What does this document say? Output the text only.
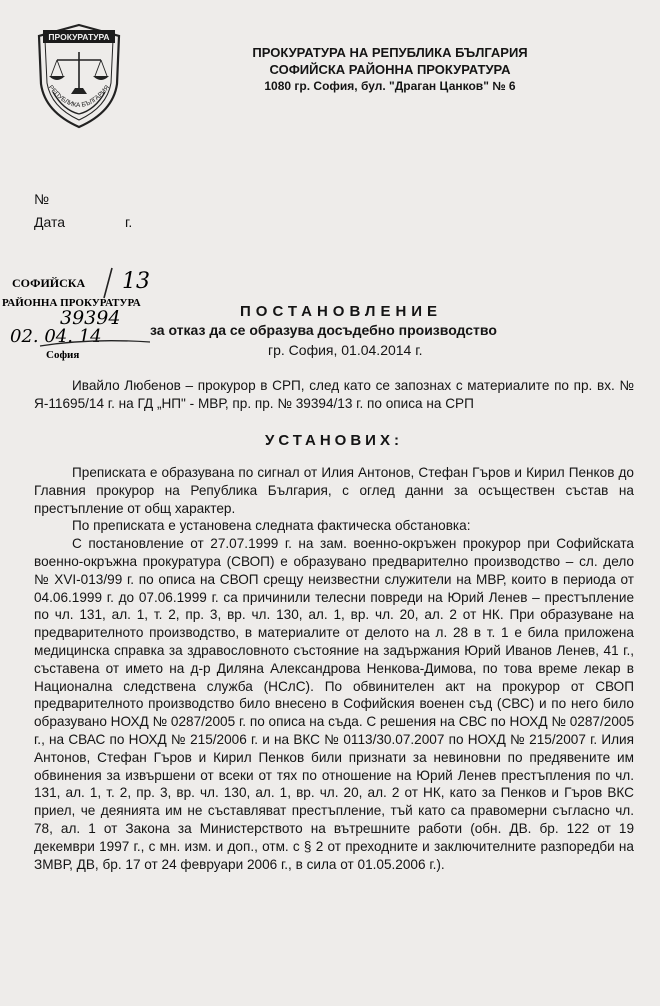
ПРОКУРАТУРА
РЕПУБЛИКА БЪЛГАРИЯ
ПРОКУРАТУРА НА РЕПУБЛИКА БЪЛГАРИЯ
СОФИЙСКА РАЙОННА ПРОКУРАТУРА
1080 гр. София, бул. "Драган Цанков" № 6
№
Дата	г.
СОФИЙСКА
РАЙОННА ПРОКУРАТУРА
София
13
39394
02. 04. 14
ПОСТАНОВЛЕНИЕ
за отказ да се образува досъдебно производство
гр. София, 01.04.2014 г.

Ивайло Любенов – прокурор в СРП, след като се запознах с материалите по пр. вх. № Я-11695/14 г. на ГД „НП" - МВР, пр. пр. № 39394/13 г. по описа на СРП

УСТАНОВИХ:

Преписката е образувана по сигнал от Илия Антонов, Стефан Гъров и Кирил Пенков до Главния прокурор на Република България, с оглед данни за осъществен състав на престъпление от общ характер.

По преписката е установена следната фактическа обстановка:

С постановление от 27.07.1999 г. на зам. военно-окръжен прокурор при Софийската военно-окръжна прокуратура (СВОП) е образувано предварително производство – сл. дело № XVI-013/99 г. по описа на СВОП срещу неизвестни служители на МВР, които в периода от 04.06.1999 г. до 07.06.1999 г. са причинили телесни повреди на Юрий Ленев – престъпление по чл. 131, ал. 1, т. 2, пр. 3, вр. чл. 130, ал. 1, вр. чл. 20, ал. 2 от НК. При образуване на предварителното производство, в материалите от делото на л. 28 в т. 1 е била приложена медицинска справка за здравословното състояние на задържания Юрий Иванов Ленев, 41 г., съставена от името на д-р Диляна Александрова Ненкова-Димова, по това време лекар в Национална следствена служба (НСлС). По обвинителен акт на прокурор от СВОП предварителното производство било внесено в Софийския военен съд (СВС) и по него било образувано НОХД № 0287/2005 г. по описа на съда. С решения на СВС по НОХД № 0287/2005 г., на СВАС по НОХД № 215/2006 г. и на ВКС № 0113/30.07.2007 по НОХД № 215/2007 г. Илия Антонов, Стефан Гъров и Кирил Пенков били признати за невиновни по предявените им обвинения за извършени от всеки от тях по отношение на Юрий Ленев престъпления по чл. 131, ал. 1, т. 2, пр. 3, вр. чл. 130, ал. 1, вр. чл. 20, ал. 2 от НК, като за Пенков и Гъров ВКС приел, че деянията им не съставляват престъпление, тъй като са правомерни съгласно чл. 78, ал. 1 от Закона за Министерството на вътрешните работи (обн. ДВ. бр. 122 от 19 декември 1997 г., с мн. изм. и доп., отм. с § 2 от преходните и заключителните разпоредби на ЗМВР, ДВ, бр. 17 от 24 февруари 2006 г., в сила от 01.05.2006 г.).
